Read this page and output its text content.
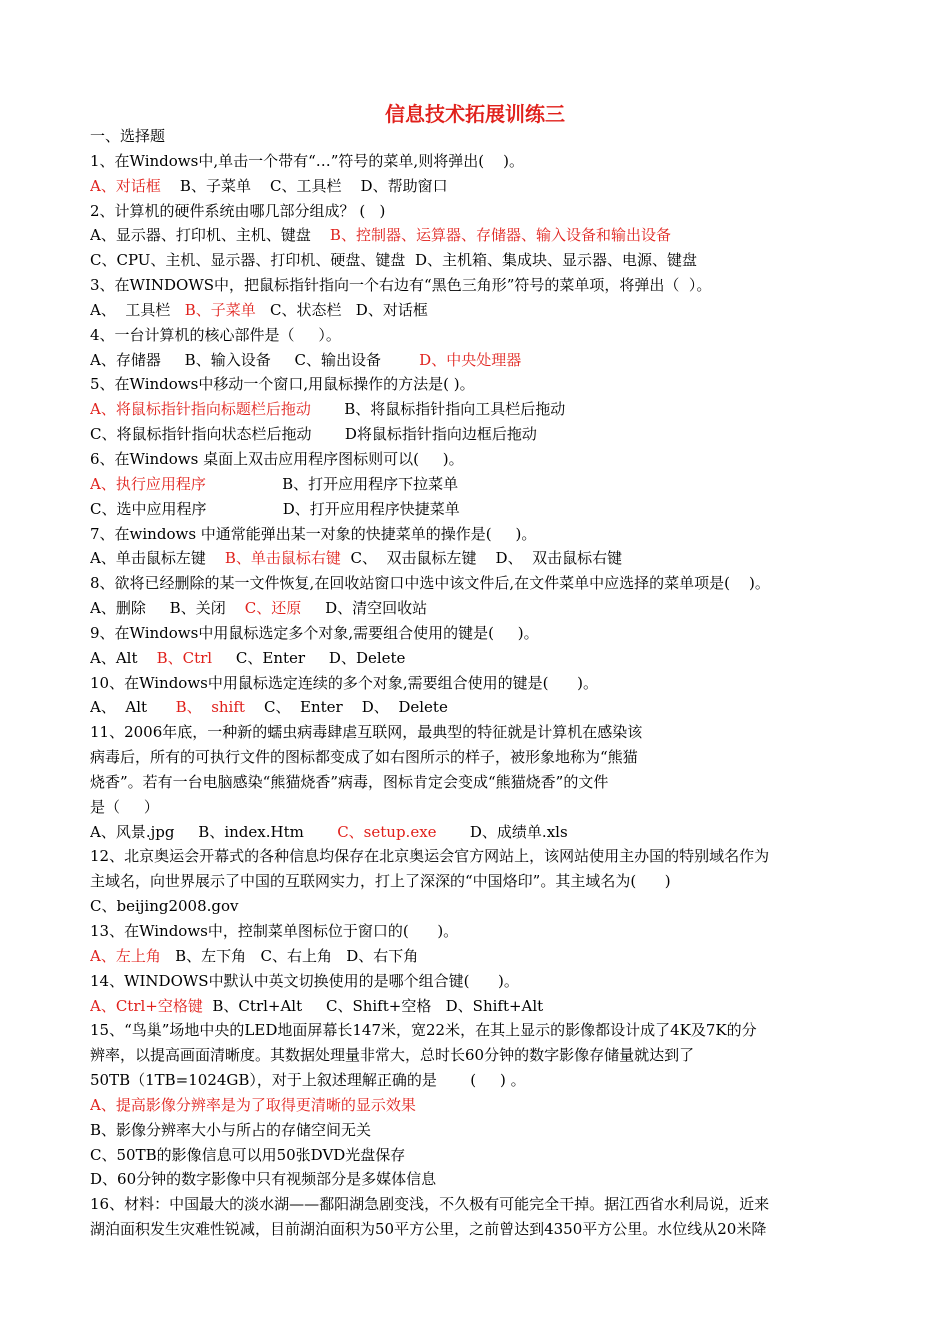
信息技术拓展训练三
一、选择题
1、在Windows中,单击一个带有“…”符号的菜单,则将弹出(    )。
A、对话框    B、子菜单    C、工具栏    D、帮助窗口
2、计算机的硬件系统由哪几部分组成？ (   )
A、显示器、打印机、主机、键盘    B、控制器、运算器、存储器、输入设备和输出设备
C、CPU、主机、显示器、打印机、硬盘、键盘  D、主机箱、集成块、显示器、电源、键盘
3、在WINDOWS中，把鼠标指针指向一个右边有“黑色三角形”符号的菜单项，将弹出（  ）。
A、  工具栏   B、子菜单   C、状态栏   D、对话框
4、一台计算机的核心部件是（     ）。
A、存储器     B、输入设备     C、输出设备        D、中央处理器
5、在Windows中移动一个窗口,用鼠标操作的方法是( )。
A、将鼠标指针指向标题栏后拖动       B、将鼠标指针指向工具栏后拖动
C、将鼠标指针指向状态栏后拖动       D将鼠标指针指向边框后拖动
6、在Windows 桌面上双击应用程序图标则可以(     )。
A、执行应用程序                B、打开应用程序下拉菜单
C、选中应用程序                D、打开应用程序快捷菜单
7、在windows 中通常能弹出某一对象的快捷菜单的操作是(     )。
A、单击鼠标左键    B、单击鼠标右键  C、  双击鼠标左键    D、  双击鼠标右键
8、欲将已经删除的某一文件恢复,在回收站窗口中选中该文件后,在文件菜单中应选择的菜单项是(    )。
A、删除     B、关闭    C、还原     D、清空回收站
9、在Windows中用鼠标选定多个对象,需要组合使用的键是(     )。
A、Alt    B、Ctrl     C、Enter     D、Delete
10、在Windows中用鼠标选定连续的多个对象,需要组合使用的键是(      )。
A、  Alt      B、  shift    C、  Enter    D、  Delete
11、2006年底，一种新的蠕虫病毒肆虐互联网，最典型的特征就是计算机在感染该
病毒后，所有的可执行文件的图标都变成了如右图所示的样子，被形象地称为“熊猫
烧香”。若有一台电脑感染“熊猫烧香”病毒，图标肯定会变成“熊猫烧香”的文件
是（     ）
A、风景.jpg     B、index.Htm       C、setup.exe       D、成绩单.xls
12、北京奥运会开幕式的各种信息均保存在北京奥运会官方网站上，该网站使用主办国的特别域名作为
主域名，向世界展示了中国的互联网实力，打上了深深的“中国烙印”。其主域名为(      )
C、beijing2008.gov
13、在Windows中，控制菜单图标位于窗口的(      )。
A、左上角   B、左下角   C、右上角   D、右下角
14、WINDOWS中默认中英文切换使用的是哪个组合键(      )。
A、Ctrl+空格键  B、Ctrl+Alt     C、Shift+空格   D、Shift+Alt
15、“鸟巢”场地中央的LED地面屏幕长147米，宽22米，在其上显示的影像都设计成了4K及7K的分
辨率，以提高画面清晰度。其数据处理量非常大，总时长60分钟的数字影像存储量就达到了
50TB（1TB=1024GB），对于上叙述理解正确的是       (     ) 。
A、提高影像分辨率是为了取得更清晰的显示效果
B、影像分辨率大小与所占的存储空间无关
C、50TB的影像信息可以用50张DVD光盘保存
D、60分钟的数字影像中只有视频部分是多媒体信息
16、材料：中国最大的淡水湖——鄱阳湖急剧变浅，不久极有可能完全干掉。据江西省水利局说，近来
湖泊面积发生灾难性锐减，目前湖泊面积为50平方公里，之前曾达到4350平方公里。水位线从20米降
